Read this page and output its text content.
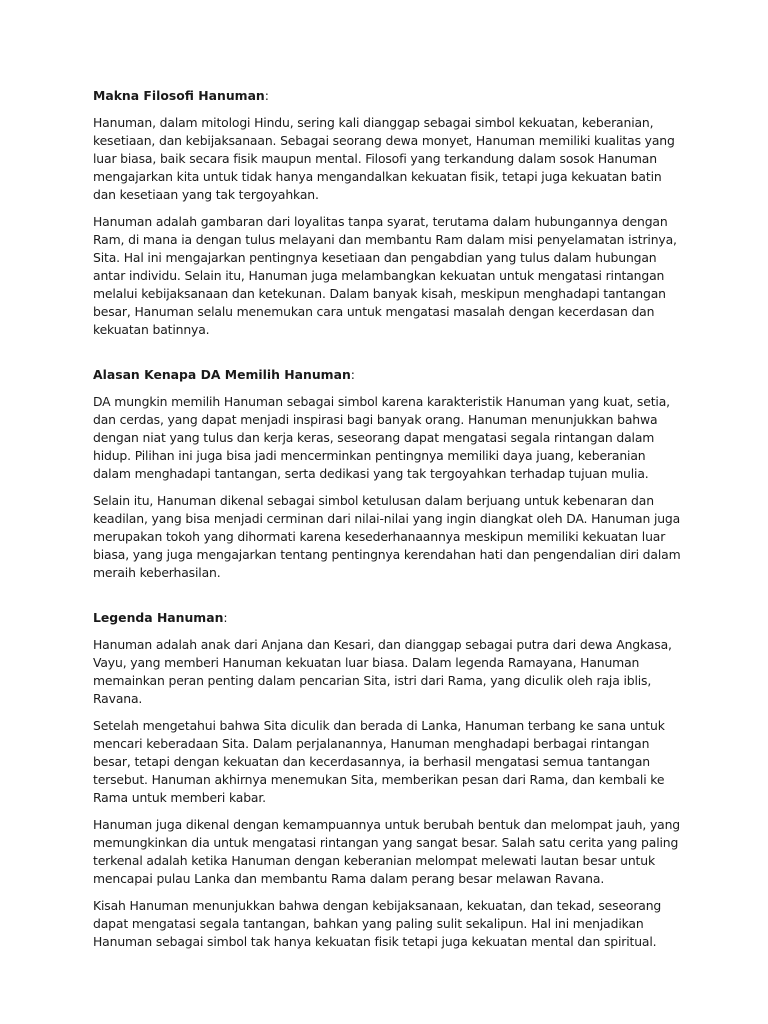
Makna Filosofi Hanuman:

Hanuman, dalam mitologi Hindu, sering kali dianggap sebagai simbol kekuatan, keberanian, kesetiaan, dan kebijaksanaan. Sebagai seorang dewa monyet, Hanuman memiliki kualitas yang luar biasa, baik secara fisik maupun mental. Filosofi yang terkandung dalam sosok Hanuman mengajarkan kita untuk tidak hanya mengandalkan kekuatan fisik, tetapi juga kekuatan batin dan kesetiaan yang tak tergoyahkan.

Hanuman adalah gambaran dari loyalitas tanpa syarat, terutama dalam hubungannya dengan Ram, di mana ia dengan tulus melayani dan membantu Ram dalam misi penyelamatan istrinya, Sita. Hal ini mengajarkan pentingnya kesetiaan dan pengabdian yang tulus dalam hubungan antar individu. Selain itu, Hanuman juga melambangkan kekuatan untuk mengatasi rintangan melalui kebijaksanaan dan ketekunan. Dalam banyak kisah, meskipun menghadapi tantangan besar, Hanuman selalu menemukan cara untuk mengatasi masalah dengan kecerdasan dan kekuatan batinnya.

Alasan Kenapa DA Memilih Hanuman:

DA mungkin memilih Hanuman sebagai simbol karena karakteristik Hanuman yang kuat, setia, dan cerdas, yang dapat menjadi inspirasi bagi banyak orang. Hanuman menunjukkan bahwa dengan niat yang tulus dan kerja keras, seseorang dapat mengatasi segala rintangan dalam hidup. Pilihan ini juga bisa jadi mencerminkan pentingnya memiliki daya juang, keberanian dalam menghadapi tantangan, serta dedikasi yang tak tergoyahkan terhadap tujuan mulia.

Selain itu, Hanuman dikenal sebagai simbol ketulusan dalam berjuang untuk kebenaran dan keadilan, yang bisa menjadi cerminan dari nilai-nilai yang ingin diangkat oleh DA. Hanuman juga merupakan tokoh yang dihormati karena kesederhanaannya meskipun memiliki kekuatan luar biasa, yang juga mengajarkan tentang pentingnya kerendahan hati dan pengendalian diri dalam meraih keberhasilan.

Legenda Hanuman:

Hanuman adalah anak dari Anjana dan Kesari, dan dianggap sebagai putra dari dewa Angkasa, Vayu, yang memberi Hanuman kekuatan luar biasa. Dalam legenda Ramayana, Hanuman memainkan peran penting dalam pencarian Sita, istri dari Rama, yang diculik oleh raja iblis, Ravana.

Setelah mengetahui bahwa Sita diculik dan berada di Lanka, Hanuman terbang ke sana untuk mencari keberadaan Sita. Dalam perjalanannya, Hanuman menghadapi berbagai rintangan besar, tetapi dengan kekuatan dan kecerdasannya, ia berhasil mengatasi semua tantangan tersebut. Hanuman akhirnya menemukan Sita, memberikan pesan dari Rama, dan kembali ke Rama untuk memberi kabar.

Hanuman juga dikenal dengan kemampuannya untuk berubah bentuk dan melompat jauh, yang memungkinkan dia untuk mengatasi rintangan yang sangat besar. Salah satu cerita yang paling terkenal adalah ketika Hanuman dengan keberanian melompat melewati lautan besar untuk mencapai pulau Lanka dan membantu Rama dalam perang besar melawan Ravana.

Kisah Hanuman menunjukkan bahwa dengan kebijaksanaan, kekuatan, dan tekad, seseorang dapat mengatasi segala tantangan, bahkan yang paling sulit sekalipun. Hal ini menjadikan Hanuman sebagai simbol tak hanya kekuatan fisik tetapi juga kekuatan mental dan spiritual.
